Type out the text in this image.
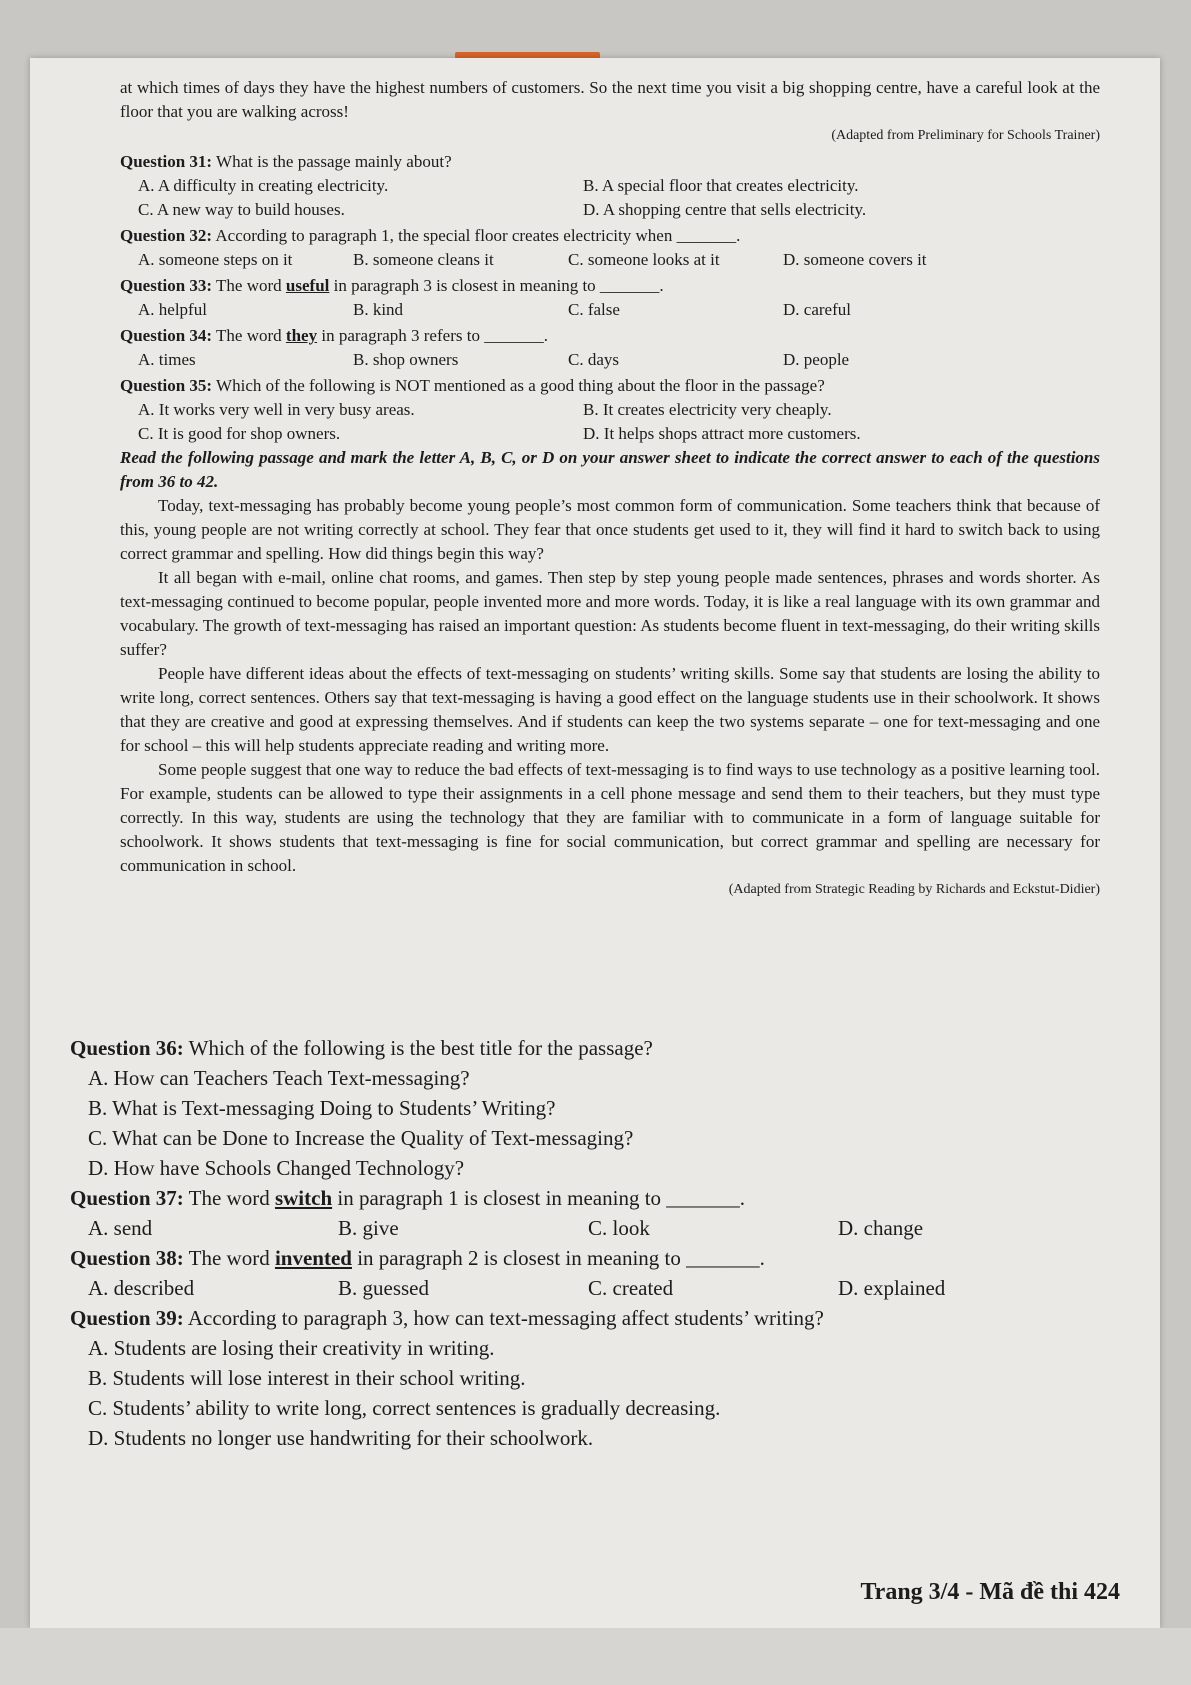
at which times of days they have the highest numbers of customers. So the next time you visit a big shopping centre, have a careful look at the floor that you are walking across!

(Adapted from Preliminary for Schools Trainer)

Question 31: What is the passage mainly about?

A. A difficulty in creating electricity.	B. A special floor that creates electricity.
C. A new way to build houses.	D. A shopping centre that sells electricity.

Question 32: According to paragraph 1, the special floor creates electricity when _______.

A. someone steps on it	B. someone cleans it	C. someone looks at it	D. someone covers it

Question 33: The word useful in paragraph 3 is closest in meaning to _______.

A. helpful	B. kind	C. false	D. careful

Question 34: The word they in paragraph 3 refers to _______.

A. times	B. shop owners	C. days	D. people

Question 35: Which of the following is NOT mentioned as a good thing about the floor in the passage?

A. It works very well in very busy areas.	B. It creates electricity very cheaply.
C. It is good for shop owners.	D. It helps shops attract more customers.

Read the following passage and mark the letter A, B, C, or D on your answer sheet to indicate the correct answer to each of the questions from 36 to 42.

Today, text-messaging has probably become young people’s most common form of communication. Some teachers think that because of this, young people are not writing correctly at school. They fear that once students get used to it, they will find it hard to switch back to using correct grammar and spelling. How did things begin this way?

It all began with e-mail, online chat rooms, and games. Then step by step young people made sentences, phrases and words shorter. As text-messaging continued to become popular, people invented more and more words. Today, it is like a real language with its own grammar and vocabulary. The growth of text-messaging has raised an important question: As students become fluent in text-messaging, do their writing skills suffer?

People have different ideas about the effects of text-messaging on students’ writing skills. Some say that students are losing the ability to write long, correct sentences. Others say that text-messaging is having a good effect on the language students use in their schoolwork. It shows that they are creative and good at expressing themselves. And if students can keep the two systems separate – one for text-messaging and one for school – this will help students appreciate reading and writing more.

Some people suggest that one way to reduce the bad effects of text-messaging is to find ways to use technology as a positive learning tool. For example, students can be allowed to type their assignments in a cell phone message and send them to their teachers, but they must type correctly. In this way, students are using the technology that they are familiar with to communicate in a form of language suitable for schoolwork. It shows students that text-messaging is fine for social communication, but correct grammar and spelling are necessary for communication in school.

(Adapted from Strategic Reading by Richards and Eckstut-Didier)

Question 36: Which of the following is the best title for the passage?

A. How can Teachers Teach Text-messaging?

B. What is Text-messaging Doing to Students’ Writing?

C. What can be Done to Increase the Quality of Text-messaging?

D. How have Schools Changed Technology?

Question 37: The word switch in paragraph 1 is closest in meaning to _______.

A. send	B. give	C. look	D. change

Question 38: The word invented in paragraph 2 is closest in meaning to _______.

A. described	B. guessed	C. created	D. explained

Question 39: According to paragraph 3, how can text-messaging affect students’ writing?

A. Students are losing their creativity in writing.

B. Students will lose interest in their school writing.

C. Students’ ability to write long, correct sentences is gradually decreasing.

D. Students no longer use handwriting for their schoolwork.

Trang 3/4 - Mã đề thi 424
